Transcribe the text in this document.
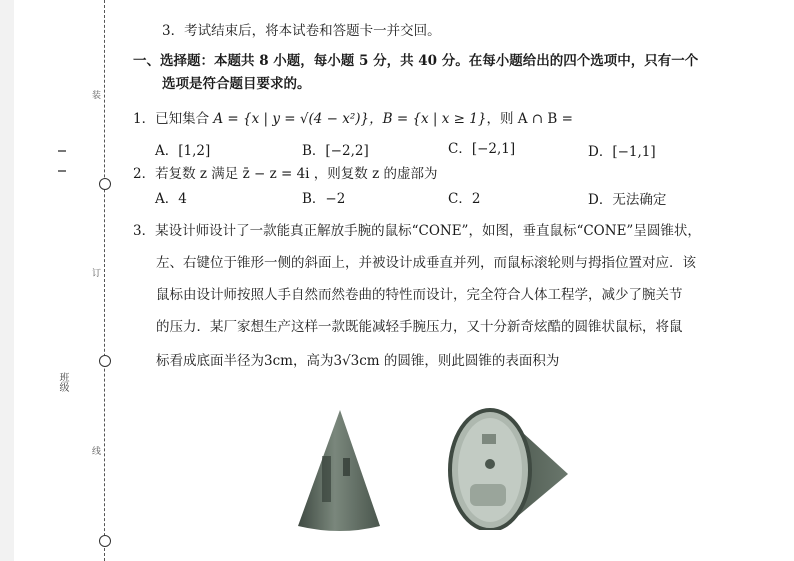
装
订
线
班级
3．考试结束后，将本试卷和答题卡一并交回。
一、选择题：本题共 8 小题，每小题 5 分，共 40 分。在每小题给出的四个选项中，只有一个
选项是符合题目要求的。
1．已知集合 A = {x | y = √(4 − x²)}，B = {x | x ≥ 1}，则 A ∩ B =
A．[1,2]	B．[−2,2]	C．[−2,1]	D．[−1,1]
2．若复数 z 满足 z̄ − z = 4i ，则复数 z 的虚部为
A．4	B．−2	C．2	D．无法确定
3．某设计师设计了一款能真正解放手腕的鼠标“CONE”，如图，垂直鼠标“CONE”呈圆锥状，
左、右键位于锥形一侧的斜面上，并被设计成垂直并列，而鼠标滚轮则与拇指位置对应．该
鼠标由设计师按照人手自然而然卷曲的特性而设计，完全符合人体工程学，减少了腕关节
的压力．某厂家想生产这样一款既能减轻手腕压力，又十分新奇炫酷的圆锥状鼠标，将鼠
标看成底面半径为3cm，高为3√3cm 的圆锥，则此圆锥的表面积为
